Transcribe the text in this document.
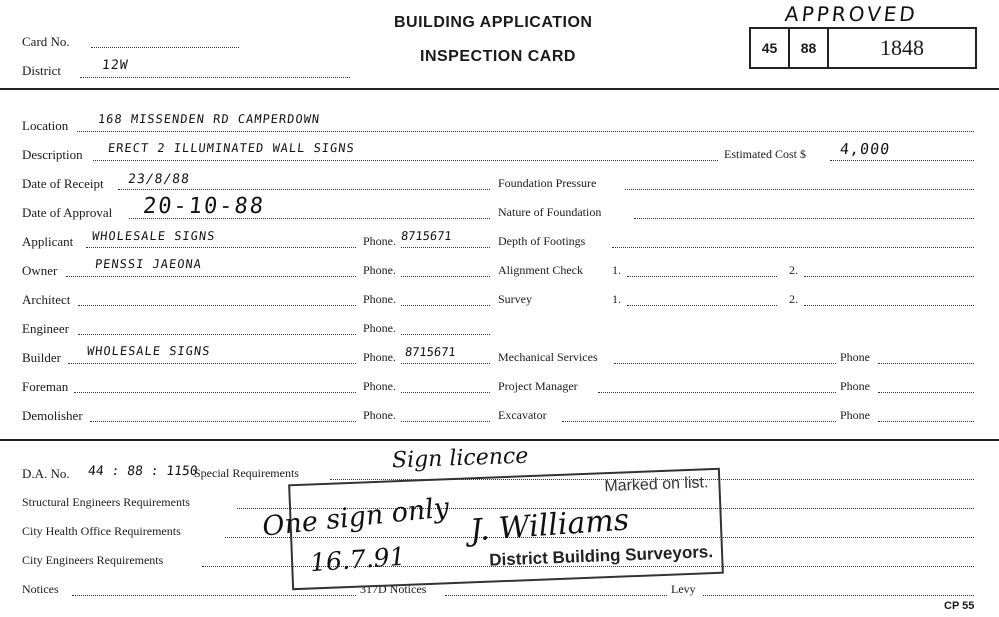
Card No.
District	12W
BUILDING APPLICATION
INSPECTION CARD
APPROVED
45	88	1848
Location 168 MISSENDEN RD CAMPERDOWN
Description ERECT 2 ILLUMINATED WALL SIGNS	Estimated Cost $ 4,000
Date of Receipt 23/8/88	Foundation Pressure
Date of Approval 20-10-88	Nature of Foundation
Applicant WHOLESALE SIGNS	Phone. 8715671	Depth of Footings
Owner	PENSSI JAEONA	Phone.	Alignment Check 1.	2.
Architect	Phone.	Survey	1.	2.
Engineer	Phone.
Builder WHOLESALE SIGNS	Phone. 8715671	Mechanical Services	Phone
Foreman	Phone.	Project Manager	Phone
Demolisher	Phone.	Excavator	Phone
D.A. No. 44 : 88 : 1150
Special Requirements	Sign licence
Structural Engineers Requirements
City Health Office Requirements
City Engineers Requirements
Notices	317D Notices	Levy
Marked on list.
District Building Surveyors.
One sign only
16.7.91
J. Williams
CP 55
